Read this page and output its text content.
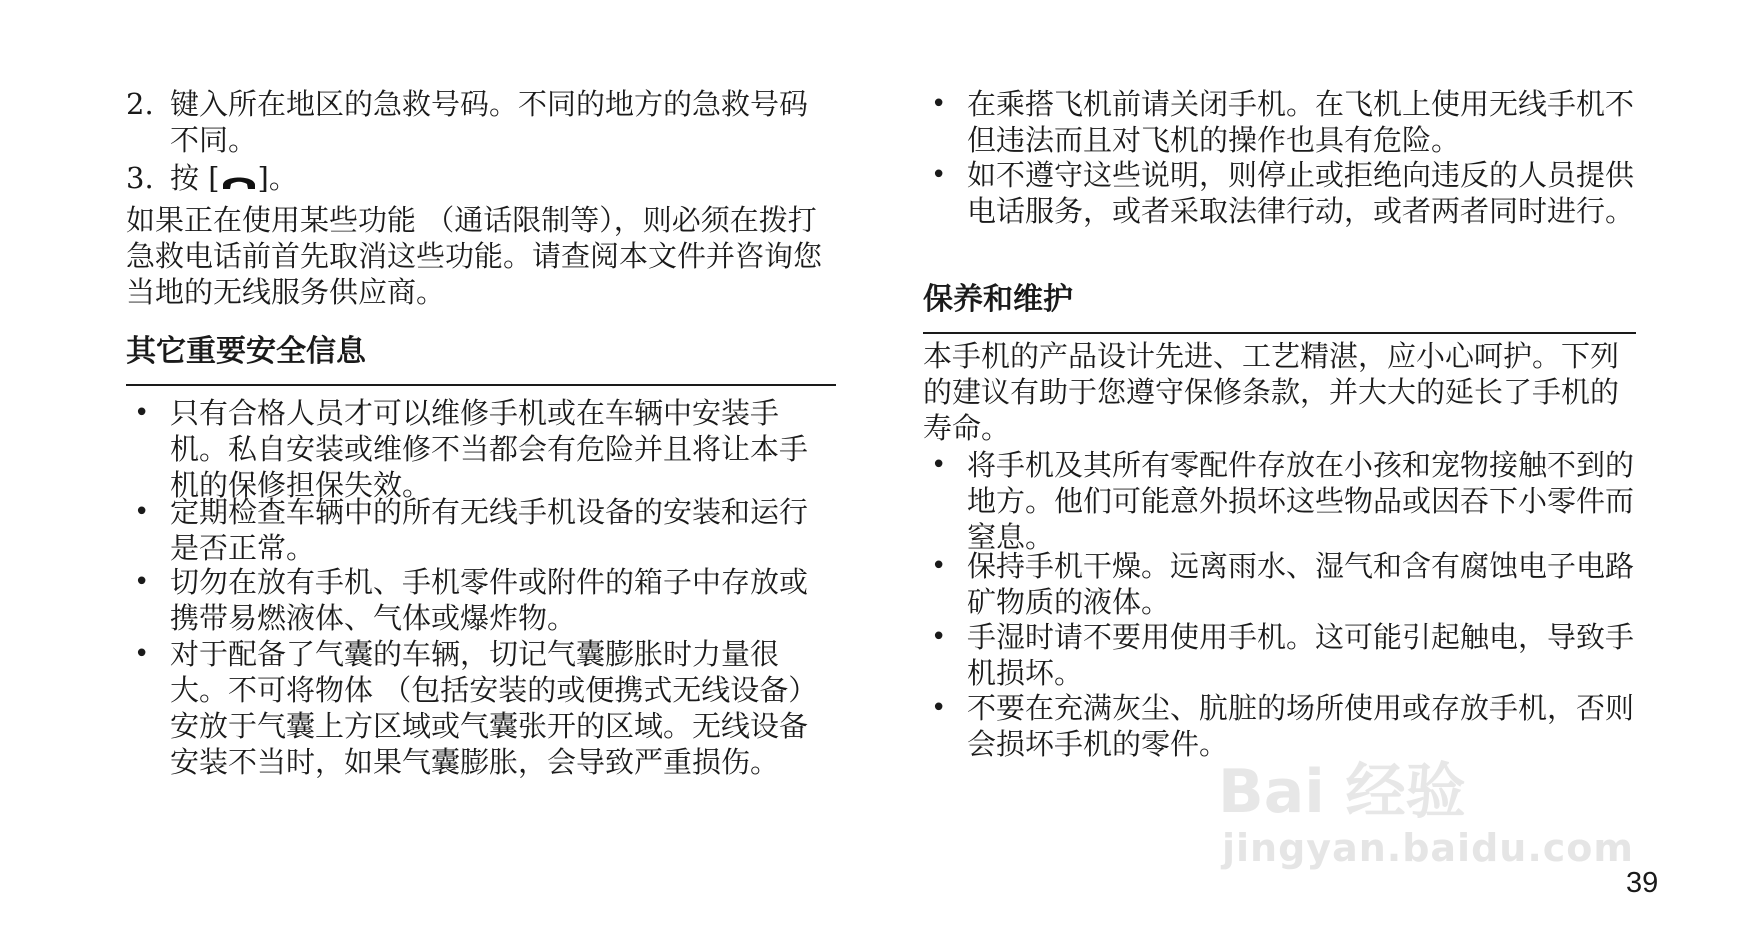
2. 键入所在地区的急救号码。不同的地方的急救号码不同。
3. 按 [ ]。
如果正在使用某些功能 （通话限制等），则必须在拨打急救电话前首先取消这些功能。请查阅本文件并咨询您当地的无线服务供应商。
其它重要安全信息
• 只有合格人员才可以维修手机或在车辆中安装手机。私自安装或维修不当都会有危险并且将让本手机的保修担保失效。
• 定期检查车辆中的所有无线手机设备的安装和运行是否正常。
• 切勿在放有手机、手机零件或附件的箱子中存放或携带易燃液体、气体或爆炸物。
• 对于配备了气囊的车辆，切记气囊膨胀时力量很大。不可将物体 （包括安装的或便携式无线设备）安放于气囊上方区域或气囊张开的区域。无线设备安装不当时，如果气囊膨胀，会导致严重损伤。
• 在乘搭飞机前请关闭手机。在飞机上使用无线手机不但违法而且对飞机的操作也具有危险。
• 如不遵守这些说明，则停止或拒绝向违反的人员提供电话服务，或者采取法律行动，或者两者同时进行。
保养和维护
本手机的产品设计先进、工艺精湛，应小心呵护。下列的建议有助于您遵守保修条款，并大大的延长了手机的寿命。
• 将手机及其所有零配件存放在小孩和宠物接触不到的地方。他们可能意外损坏这些物品或因吞下小零件而窒息。
• 保持手机干燥。远离雨水、湿气和含有腐蚀电子电路矿物质的液体。
• 手湿时请不要用使用手机。这可能引起触电，导致手机损坏。
• 不要在充满灰尘、肮脏的场所使用或存放手机，否则会损坏手机的零件。
39
Bai 经验
jingyan.baidu.com
